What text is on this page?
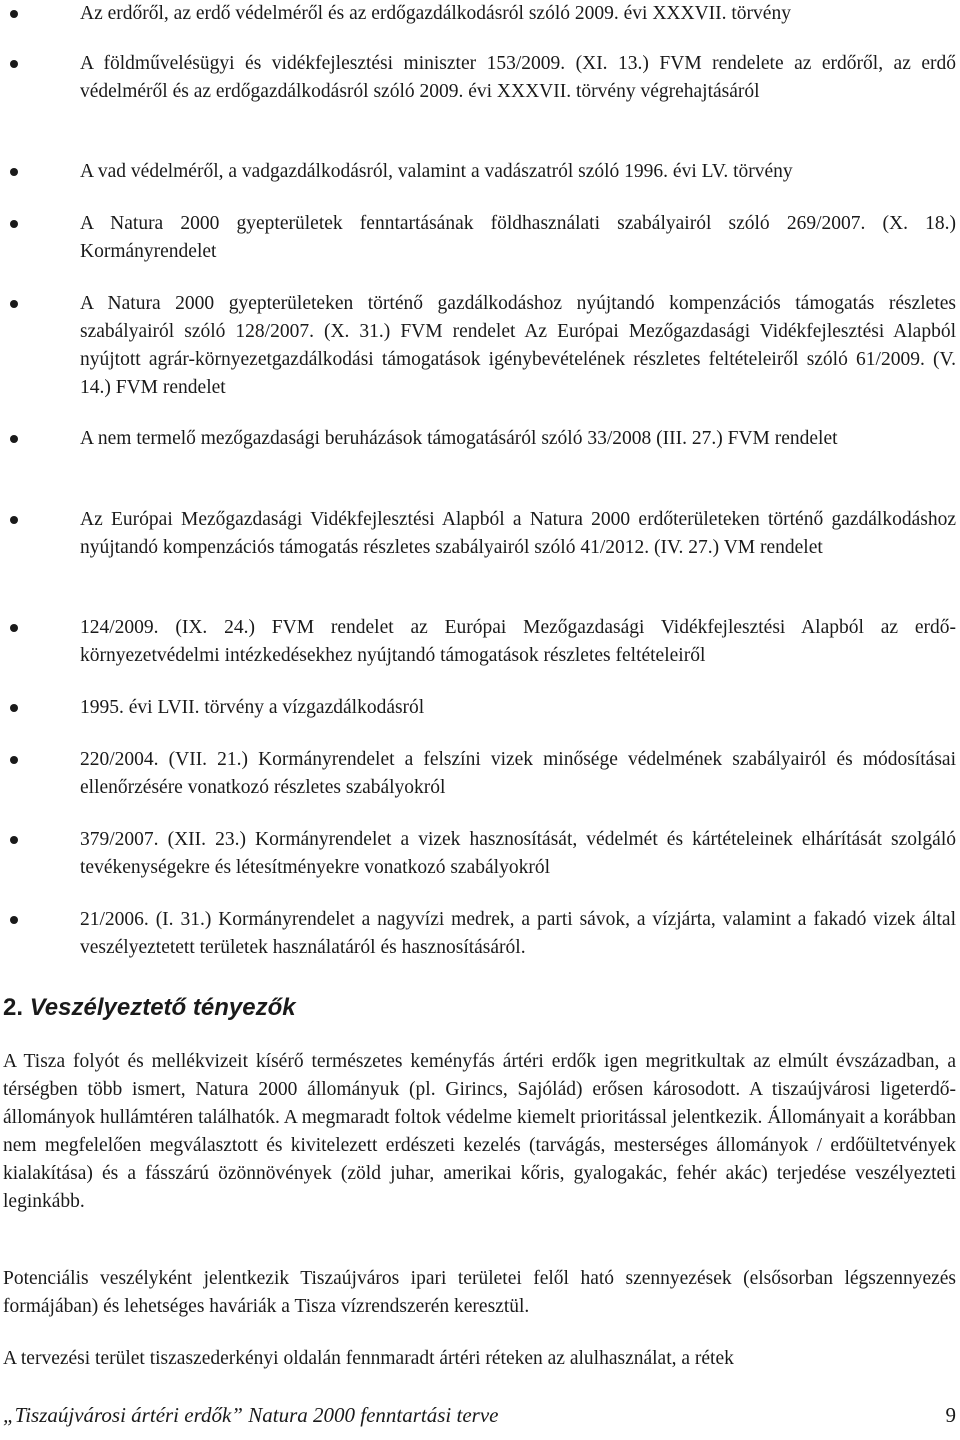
Az erdőről, az erdő védelméről és az erdőgazdálkodásról szóló 2009. évi XXXVII. törvény
A földművelésügyi és vidékfejlesztési miniszter 153/2009. (XI. 13.) FVM rendelete az erdőről, az erdő védelméről és az erdőgazdálkodásról szóló 2009. évi XXXVII. törvény végrehajtásáról
A vad védelméről, a vadgazdálkodásról, valamint a vadászatról szóló 1996. évi LV. törvény
A Natura 2000 gyepterületek fenntartásának földhasználati szabályairól szóló 269/2007. (X. 18.) Kormányrendelet
A Natura 2000 gyepterületeken történő gazdálkodáshoz nyújtandó kompenzációs támogatás részletes szabályairól szóló 128/2007. (X. 31.) FVM rendelet Az Európai Mezőgazdasági Vidékfejlesztési Alapból nyújtott agrár-környezetgazdálkodási támogatások igénybevételének részletes feltételeiről szóló 61/2009. (V. 14.) FVM rendelet
A nem termelő mezőgazdasági beruházások támogatásáról szóló 33/2008 (III. 27.) FVM rendelet
Az Európai Mezőgazdasági Vidékfejlesztési Alapból a Natura 2000 erdőterületeken történő gazdálkodáshoz nyújtandó kompenzációs támogatás részletes szabályairól szóló 41/2012. (IV. 27.) VM rendelet
124/2009. (IX. 24.) FVM rendelet az Európai Mezőgazdasági Vidékfejlesztési Alapból az erdő-környezetvédelmi intézkedésekhez nyújtandó támogatások részletes feltételeiről
1995. évi LVII. törvény a vízgazdálkodásról
220/2004. (VII. 21.) Kormányrendelet a felszíni vizek minősége védelmének szabályairól és módosításai ellenőrzésére vonatkozó részletes szabályokról
379/2007. (XII. 23.) Kormányrendelet a vizek hasznosítását, védelmét és kártételeinek elhárítását szolgáló tevékenységekre és létesítményekre vonatkozó szabályokról
21/2006. (I. 31.) Kormányrendelet a nagyvízi medrek, a parti sávok, a vízjárta, valamint a fakadó vizek által veszélyeztetett területek használatáról és hasznosításáról.
2. Veszélyeztető tényezők

A Tisza folyót és mellékvizeit kísérő természetes keményfás ártéri erdők igen megritkultak az elmúlt évszázadban, a térségben több ismert, Natura 2000 állományuk (pl. Girincs, Sajólád) erősen károsodott. A tiszaújvárosi ligeterdő-állományok hullámtéren találhatók. A megmaradt foltok védelme kiemelt prioritással jelentkezik. Állományait a korábban nem megfelelően megválasztott és kivitelezett erdészeti kezelés (tarvágás, mesterséges állományok / erdőültetvények kialakítása) és a fásszárú özönnövények (zöld juhar, amerikai kőris, gyalogakác, fehér akác) terjedése veszélyezteti leginkább.

Potenciális veszélyként jelentkezik Tiszaújváros ipari területei felől ható szennyezések (elsősorban légszennyezés formájában) és lehetséges haváriák a Tisza vízrendszerén keresztül.

A tervezési terület tiszaszederkényi oldalán fennmaradt ártéri réteken az alulhasználat, a rétek

„Tiszaújvárosi ártéri erdők” Natura 2000 fenntartási terve	9
